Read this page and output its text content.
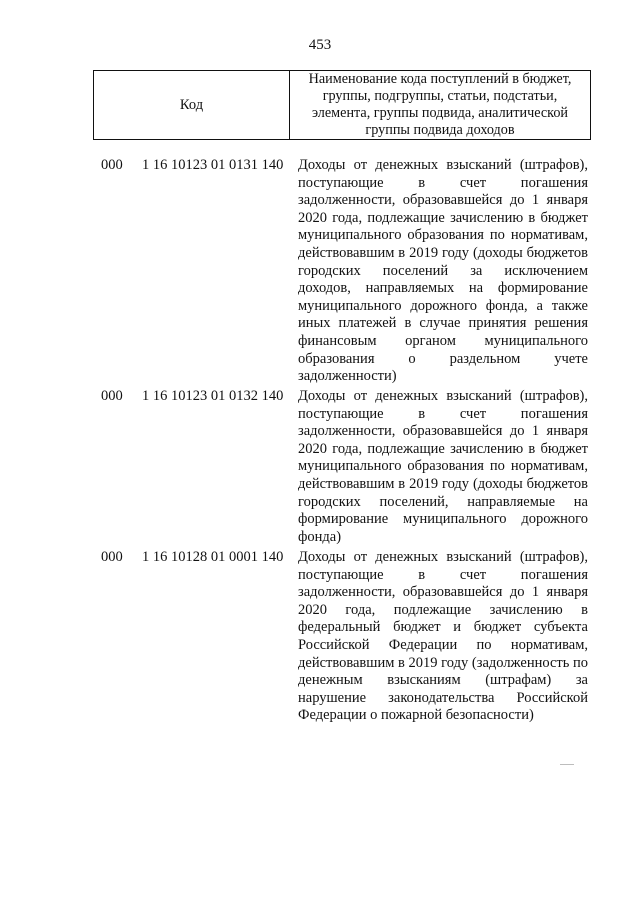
453
Код
Наименование кода поступлений в бюджет,
группы, подгруппы, статьи, подстатьи,
элемента, группы подвида, аналитической
группы подвида доходов
000 1 16 10123 01 0131 140 Доходы от денежных взысканий (штрафов),
поступающие в счет погашения
задолженности, образовавшейся до 1 января
2020 года, подлежащие зачислению в бюджет
муниципального образования по нормативам,
действовавшим в 2019 году (доходы бюджетов
городских поселений за исключением
доходов, направляемых на формирование
муниципального дорожного фонда, а также
иных платежей в случае принятия решения
финансовым органом муниципального
образования о раздельном учете
задолженности)
000 1 16 10123 01 0132 140 Доходы от денежных взысканий (штрафов),
поступающие в счет погашения
задолженности, образовавшейся до 1 января
2020 года, подлежащие зачислению в бюджет
муниципального образования по нормативам,
действовавшим в 2019 году (доходы бюджетов
городских поселений, направляемые на
формирование муниципального дорожного
фонда)
000 1 16 10128 01 0001 140 Доходы от денежных взысканий (штрафов),
поступающие в счет погашения
задолженности, образовавшейся до 1 января
2020 года, подлежащие зачислению в
федеральный бюджет и бюджет субъекта
Российской Федерации по нормативам,
действовавшим в 2019 году (задолженность по
денежным взысканиям (штрафам) за
нарушение законодательства Российской
Федерации о пожарной безопасности)
